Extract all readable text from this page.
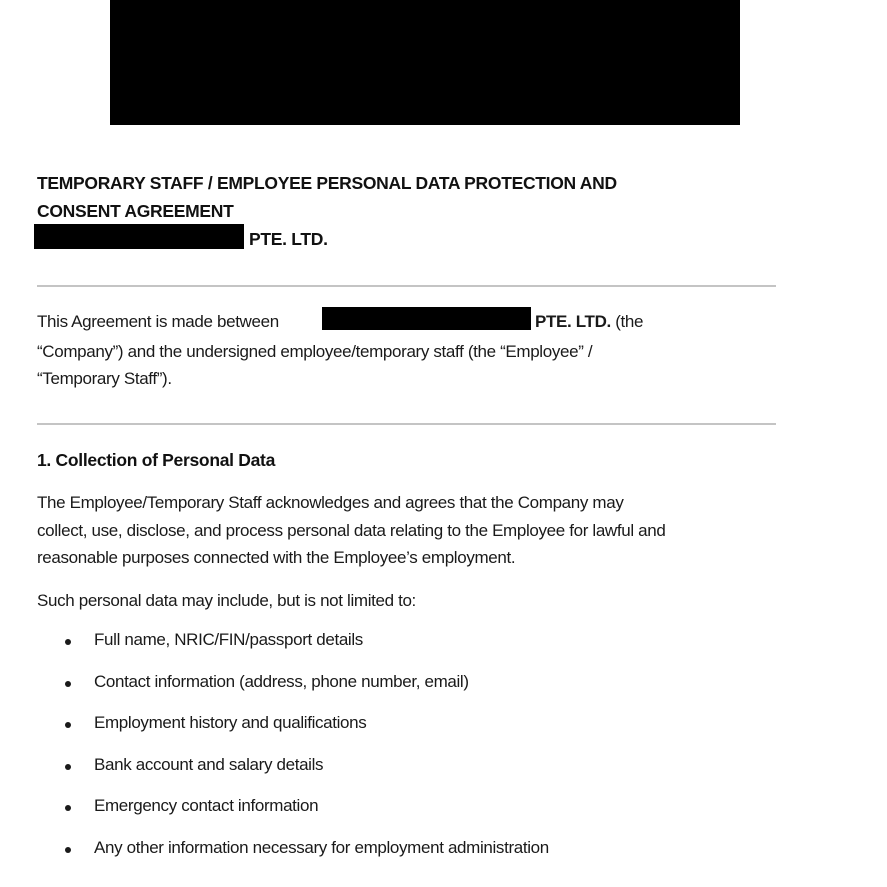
TEMPORARY STAFF / EMPLOYEE PERSONAL DATA PROTECTION AND
CONSENT AGREEMENT
PTE. LTD.
This Agreement is made between	PTE. LTD. (the
“Company”) and the undersigned employee/temporary staff (the “Employee” /
“Temporary Staff”).
1. Collection of Personal Data
The Employee/Temporary Staff acknowledges and agrees that the Company may
collect, use, disclose, and process personal data relating to the Employee for lawful and
reasonable purposes connected with the Employee’s employment.
Such personal data may include, but is not limited to:
Full name, NRIC/FIN/passport details
Contact information (address, phone number, email)
Employment history and qualifications
Bank account and salary details
Emergency contact information
Any other information necessary for employment administration
